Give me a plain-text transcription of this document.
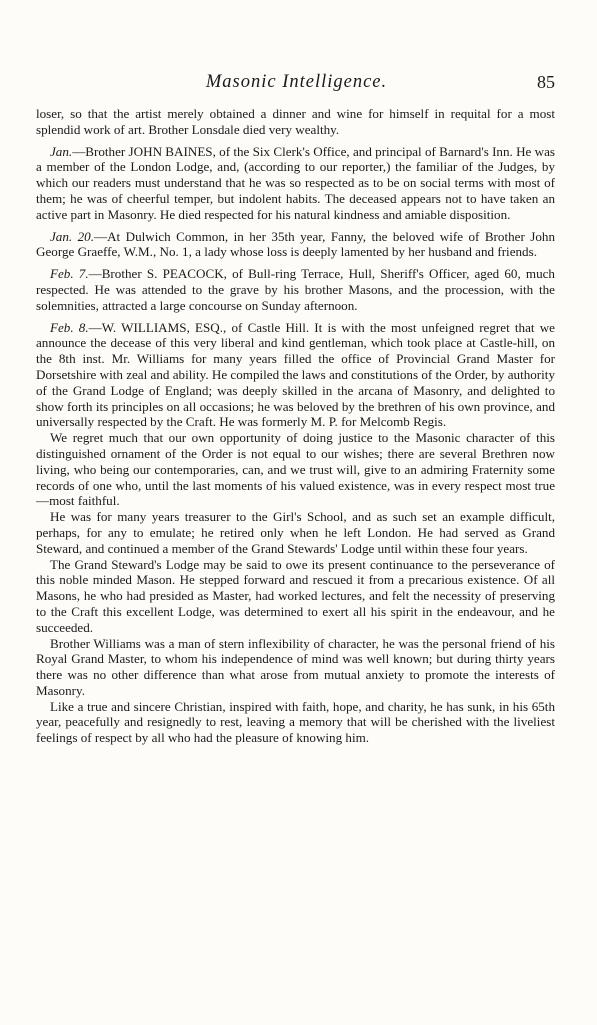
Masonic Intelligence.	85

loser, so that the artist merely obtained a dinner and wine for himself in requital for a most splendid work of art. Brother Lonsdale died very wealthy.

Jan.—Brother JOHN BAINES, of the Six Clerk's Office, and principal of Barnard's Inn. He was a member of the London Lodge, and, (according to our reporter,) the familiar of the Judges, by which our readers must understand that he was so respected as to be on social terms with most of them; he was of cheerful temper, but indolent habits. The deceased appears not to have taken an active part in Masonry. He died respected for his natural kindness and amiable disposition.

Jan. 20.—At Dulwich Common, in her 35th year, Fanny, the beloved wife of Brother John George Graeffe, W.M., No. 1, a lady whose loss is deeply lamented by her husband and friends.

Feb. 7.—Brother S. PEACOCK, of Bull-ring Terrace, Hull, Sheriff's Officer, aged 60, much respected. He was attended to the grave by his brother Masons, and the procession, with the solemnities, attracted a large concourse on Sunday afternoon.

Feb. 8.—W. WILLIAMS, ESQ., of Castle Hill. It is with the most unfeigned regret that we announce the decease of this very liberal and kind gentleman, which took place at Castle-hill, on the 8th inst. Mr. Williams for many years filled the office of Provincial Grand Master for Dorsetshire with zeal and ability. He compiled the laws and constitutions of the Order, by authority of the Grand Lodge of England; was deeply skilled in the arcana of Masonry, and delighted to show forth its principles on all occasions; he was beloved by the brethren of his own province, and universally respected by the Craft. He was formerly M. P. for Melcomb Regis.

We regret much that our own opportunity of doing justice to the Masonic character of this distinguished ornament of the Order is not equal to our wishes; there are several Brethren now living, who being our contemporaries, can, and we trust will, give to an admiring Fraternity some records of one who, until the last moments of his valued existence, was in every respect most true—most faithful.

He was for many years treasurer to the Girl's School, and as such set an example difficult, perhaps, for any to emulate; he retired only when he left London. He had served as Grand Steward, and continued a member of the Grand Stewards' Lodge until within these four years.

The Grand Steward's Lodge may be said to owe its present continuance to the perseverance of this noble minded Mason. He stepped forward and rescued it from a precarious existence. Of all Masons, he who had presided as Master, had worked lectures, and felt the necessity of preserving to the Craft this excellent Lodge, was determined to exert all his spirit in the endeavour, and he succeeded.

Brother Williams was a man of stern inflexibility of character, he was the personal friend of his Royal Grand Master, to whom his independence of mind was well known; but during thirty years there was no other difference than what arose from mutual anxiety to promote the interests of Masonry.

Like a true and sincere Christian, inspired with faith, hope, and charity, he has sunk, in his 65th year, peacefully and resignedly to rest, leaving a memory that will be cherished with the liveliest feelings of respect by all who had the pleasure of knowing him.
